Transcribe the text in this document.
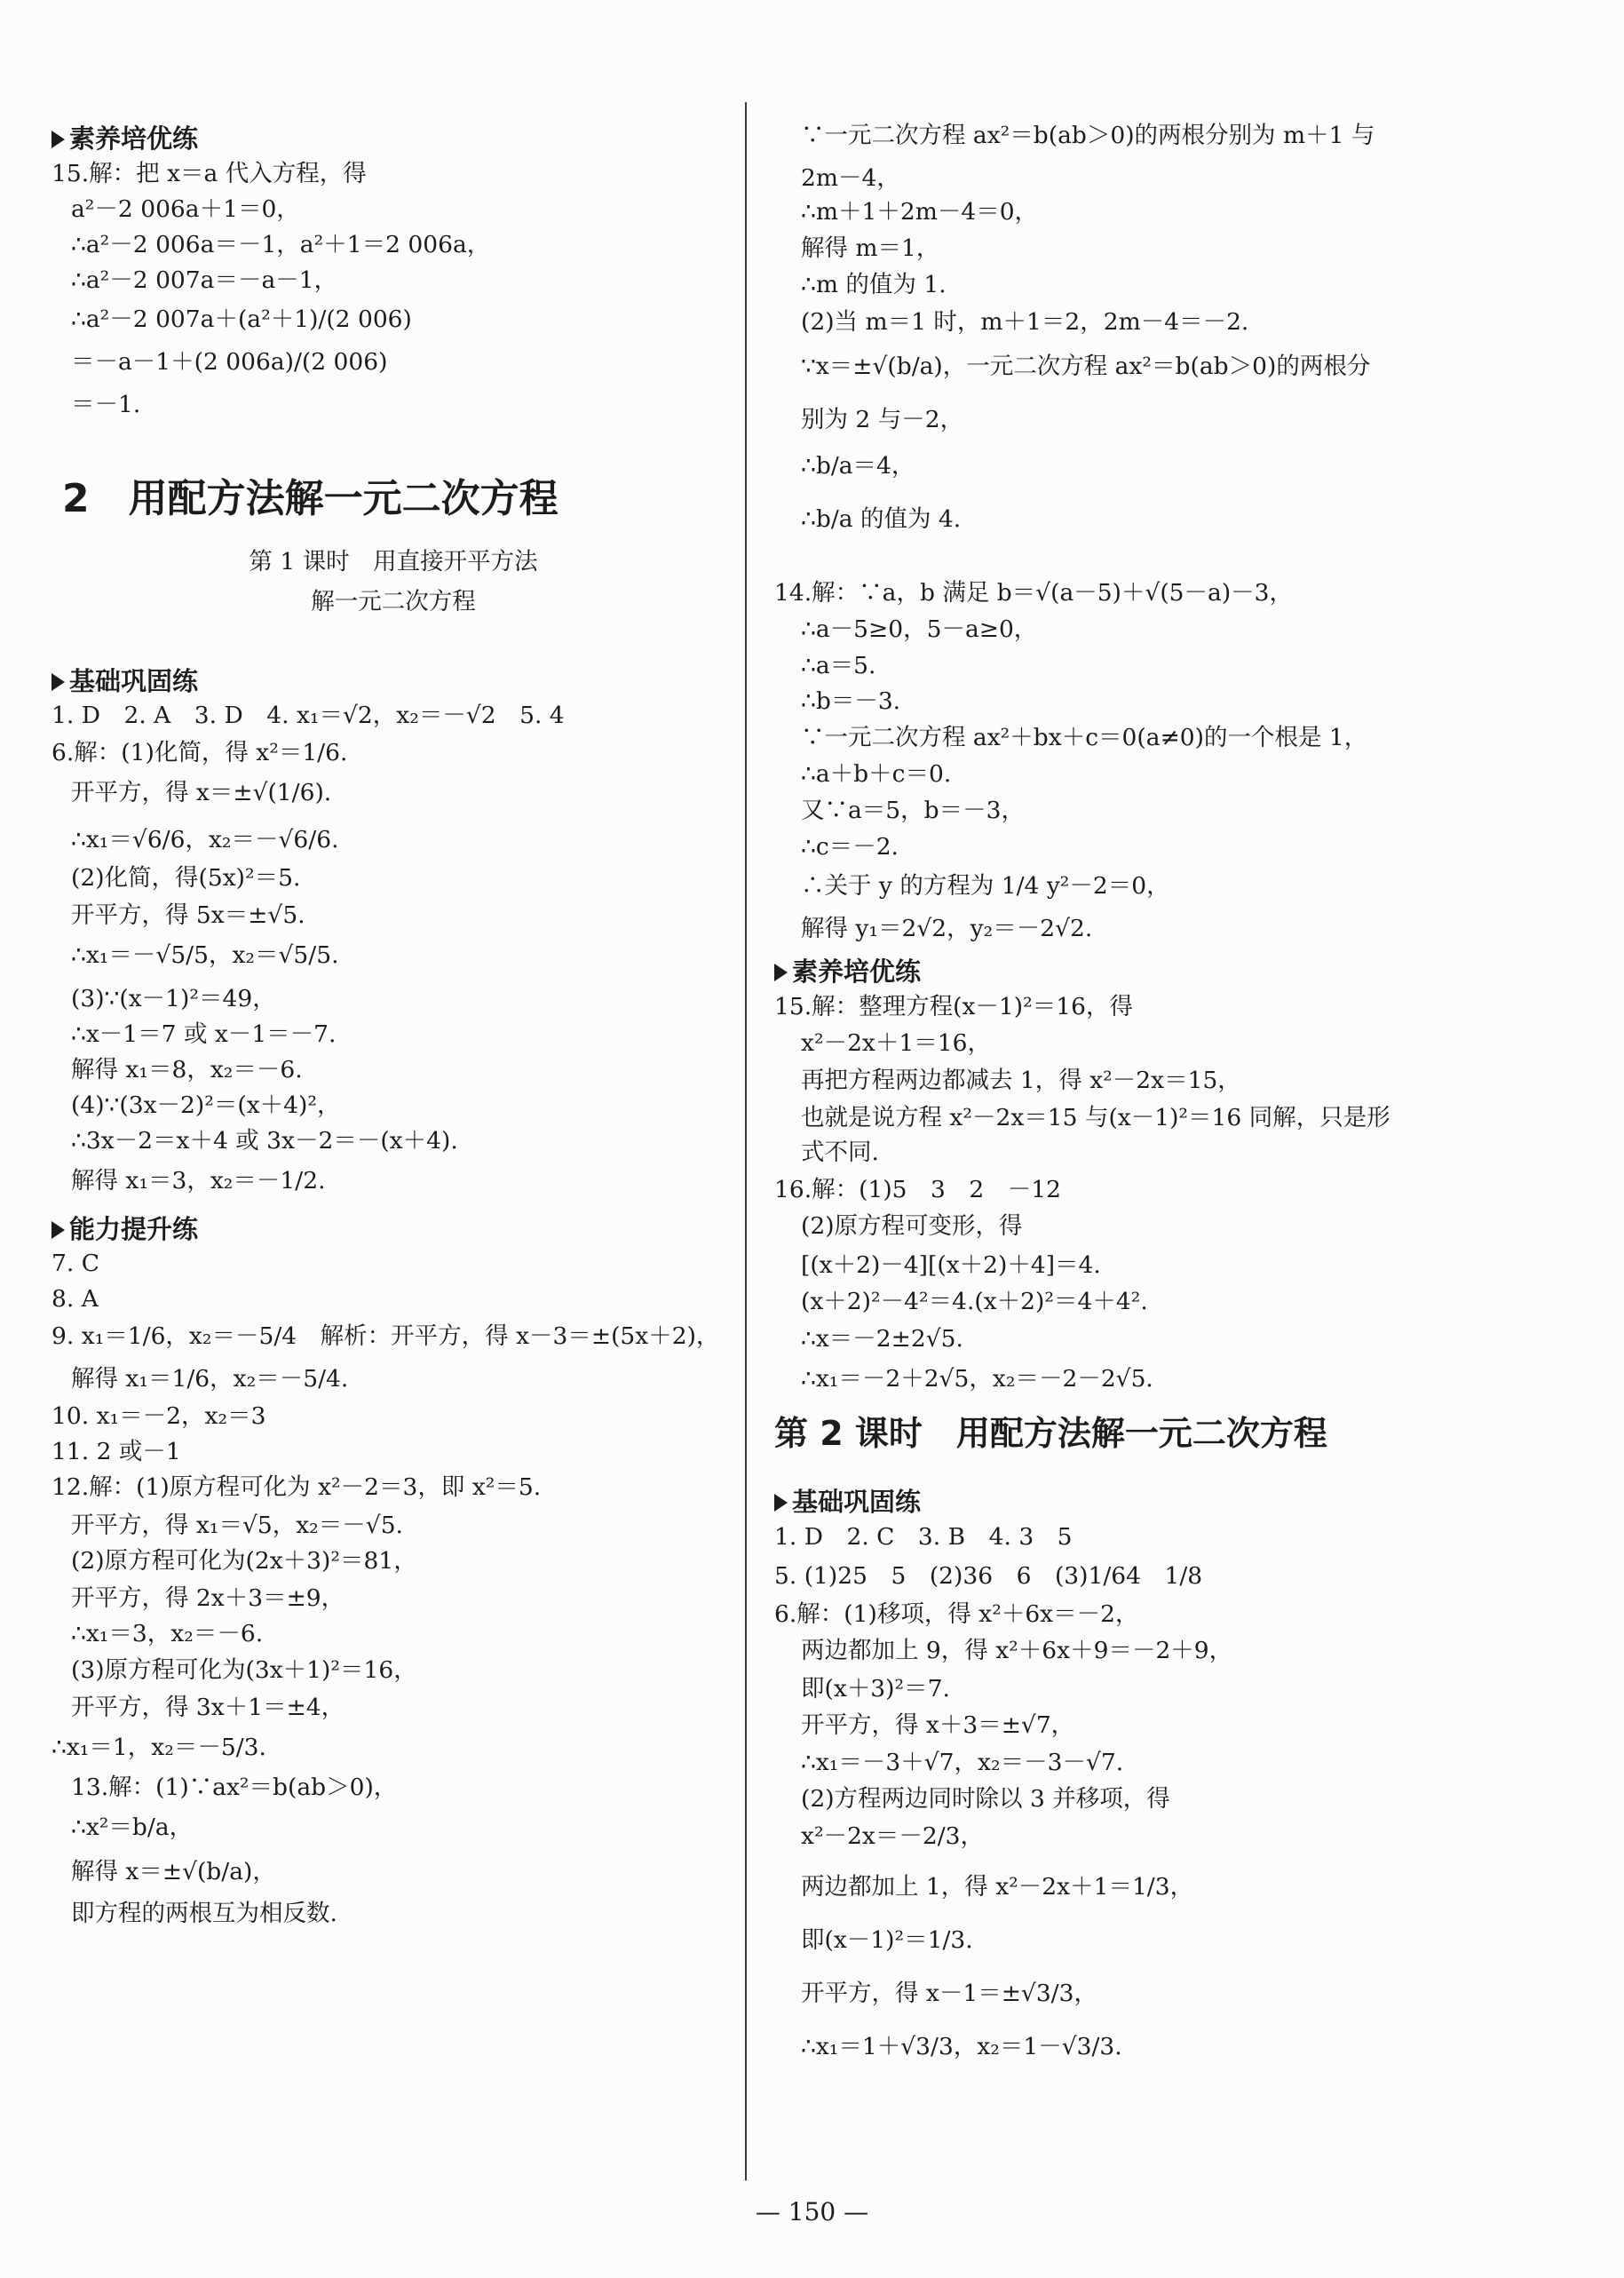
素养培优练
15.解：把 x＝a 代入方程，得
a²－2 006a＋1＝0，
∴a²－2 006a＝－1，a²＋1＝2 006a，
∴a²－2 007a＝－a－1，
∴a²－2 007a＋(a²＋1)/(2 006)
＝－a－1＋(2 006a)/(2 006)
＝－1.
2　用配方法解一元二次方程
第 1 课时　用直接开平方法
解一元二次方程
基础巩固练
1. D　2. A　3. D　4. x₁＝√2，x₂＝－√2　5. 4
6.解：(1)化简，得 x²＝1/6.
开平方，得 x＝±√(1/6).
∴x₁＝√6/6，x₂＝－√6/6.
(2)化简，得(5x)²＝5.
开平方，得 5x＝±√5.
∴x₁＝－√5/5，x₂＝√5/5.
(3)∵(x－1)²＝49，
∴x－1＝7 或 x－1＝－7.
解得 x₁＝8，x₂＝－6.
(4)∵(3x－2)²＝(x＋4)²，
∴3x－2＝x＋4 或 3x－2＝－(x＋4).
解得 x₁＝3，x₂＝－1/2.
能力提升练
7. C
8. A
9. x₁＝1/6，x₂＝－5/4　解析：开平方，得 x－3＝±(5x＋2)，
解得 x₁＝1/6，x₂＝－5/4.
10. x₁＝－2，x₂＝3
11. 2 或－1
12.解：(1)原方程可化为 x²－2＝3，即 x²＝5.
开平方，得 x₁＝√5，x₂＝－√5.
(2)原方程可化为(2x＋3)²＝81，
开平方，得 2x＋3＝±9，
∴x₁＝3，x₂＝－6.
(3)原方程可化为(3x＋1)²＝16，
开平方，得 3x＋1＝±4，
∴x₁＝1，x₂＝－5/3.
13.解：(1)∵ax²＝b(ab＞0)，
∴x²＝b/a，
解得 x＝±√(b/a)，
即方程的两根互为相反数.
∵一元二次方程 ax²＝b(ab＞0)的两根分别为 m＋1 与
2m－4，
∴m＋1＋2m－4＝0，
解得 m＝1，
∴m 的值为 1.
(2)当 m＝1 时，m＋1＝2，2m－4＝－2.
∵x＝±√(b/a)，一元二次方程 ax²＝b(ab＞0)的两根分
别为 2 与－2，
∴b/a＝4，
∴b/a 的值为 4.
14.解：∵a，b 满足 b＝√(a－5)＋√(5－a)－3，
∴a－5≥0，5－a≥0，
∴a＝5.
∴b＝－3.
∵一元二次方程 ax²＋bx＋c＝0(a≠0)的一个根是 1，
∴a＋b＋c＝0.
又∵a＝5，b＝－3，
∴c＝－2.
∴关于 y 的方程为 1/4 y²－2＝0，
解得 y₁＝2√2，y₂＝－2√2.
素养培优练
15.解：整理方程(x－1)²＝16，得
x²－2x＋1＝16，
再把方程两边都减去 1，得 x²－2x＝15，
也就是说方程 x²－2x＝15 与(x－1)²＝16 同解，只是形
式不同.
16.解：(1)5　3　2　－12
(2)原方程可变形，得
[(x＋2)－4][(x＋2)＋4]＝4.
(x＋2)²－4²＝4.(x＋2)²＝4＋4².
∴x＝－2±2√5.
∴x₁＝－2＋2√5，x₂＝－2－2√5.
第 2 课时　用配方法解一元二次方程
基础巩固练
1. D　2. C　3. B　4. 3　5
5. (1)25　5　(2)36　6　(3)1/64　1/8
6.解：(1)移项，得 x²＋6x＝－2，
两边都加上 9，得 x²＋6x＋9＝－2＋9，
即(x＋3)²＝7.
开平方，得 x＋3＝±√7，
∴x₁＝－3＋√7，x₂＝－3－√7.
(2)方程两边同时除以 3 并移项，得
x²－2x＝－2/3，
两边都加上 1，得 x²－2x＋1＝1/3，
即(x－1)²＝1/3.
开平方，得 x－1＝±√3/3，
∴x₁＝1＋√3/3，x₂＝1－√3/3.
— 150 —
